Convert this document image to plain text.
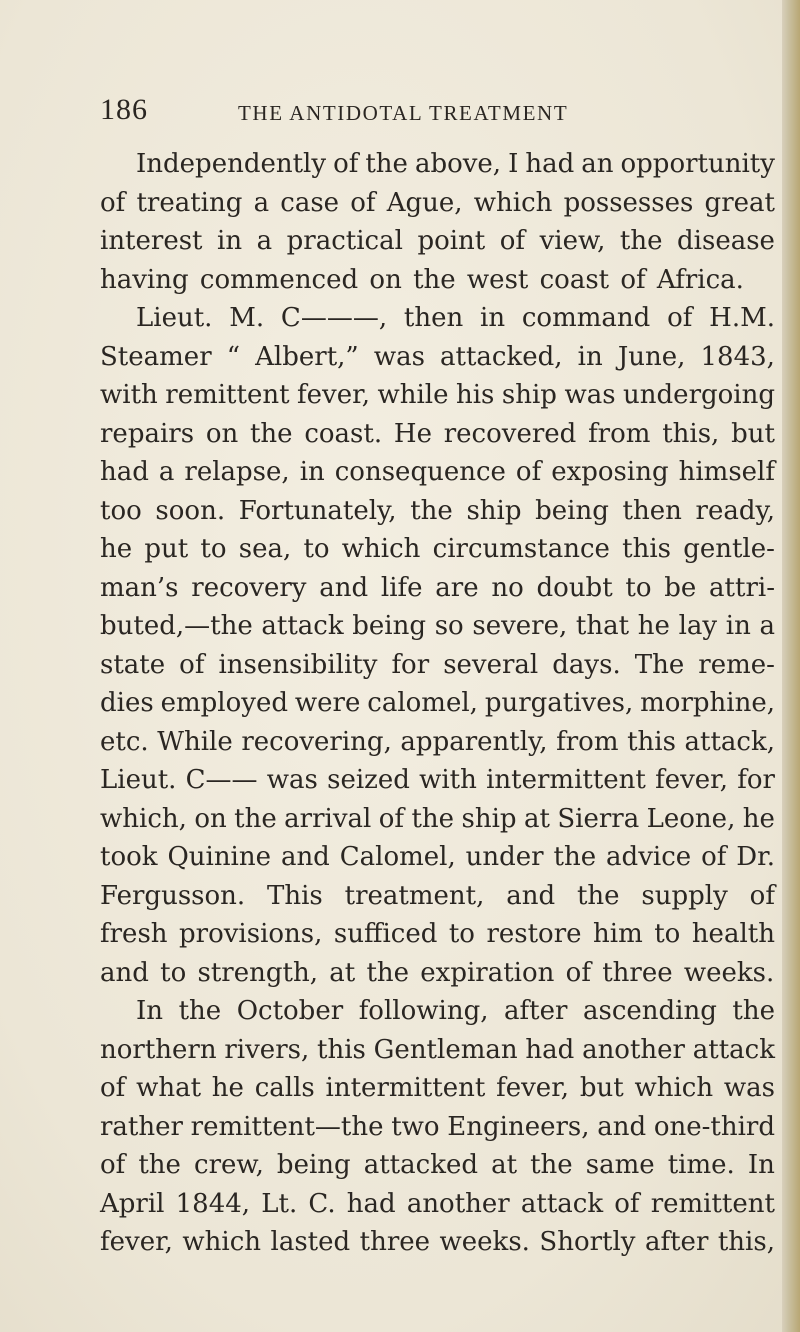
186	THE ANTIDOTAL TREATMENT
Independently of the above, I had an opportunity
of treating a case of Ague, which possesses great
interest in a practical point of view, the disease
having commenced on the west coast of Africa.
Lieut. M. C———, then in command of H.M.
Steamer “ Albert,” was attacked, in June, 1843,
with remittent fever, while his ship was undergoing
repairs on the coast. He recovered from this, but
had a relapse, in consequence of exposing himself
too soon. Fortunately, the ship being then ready,
he put to sea, to which circumstance this gentle-
man’s recovery and life are no doubt to be attri-
buted,—the attack being so severe, that he lay in a
state of insensibility for several days. The reme-
dies employed were calomel, purgatives, morphine,
etc. While recovering, apparently, from this attack,
Lieut. C—— was seized with intermittent fever, for
which, on the arrival of the ship at Sierra Leone, he
took Quinine and Calomel, under the advice of Dr.
Fergusson. This treatment, and the supply of
fresh provisions, sufficed to restore him to health
and to strength, at the expiration of three weeks.
In the October following, after ascending the
northern rivers, this Gentleman had another attack
of what he calls intermittent fever, but which was
rather remittent—the two Engineers, and one-third
of the crew, being attacked at the same time. In
April 1844, Lt. C. had another attack of remittent
fever, which lasted three weeks. Shortly after this,
